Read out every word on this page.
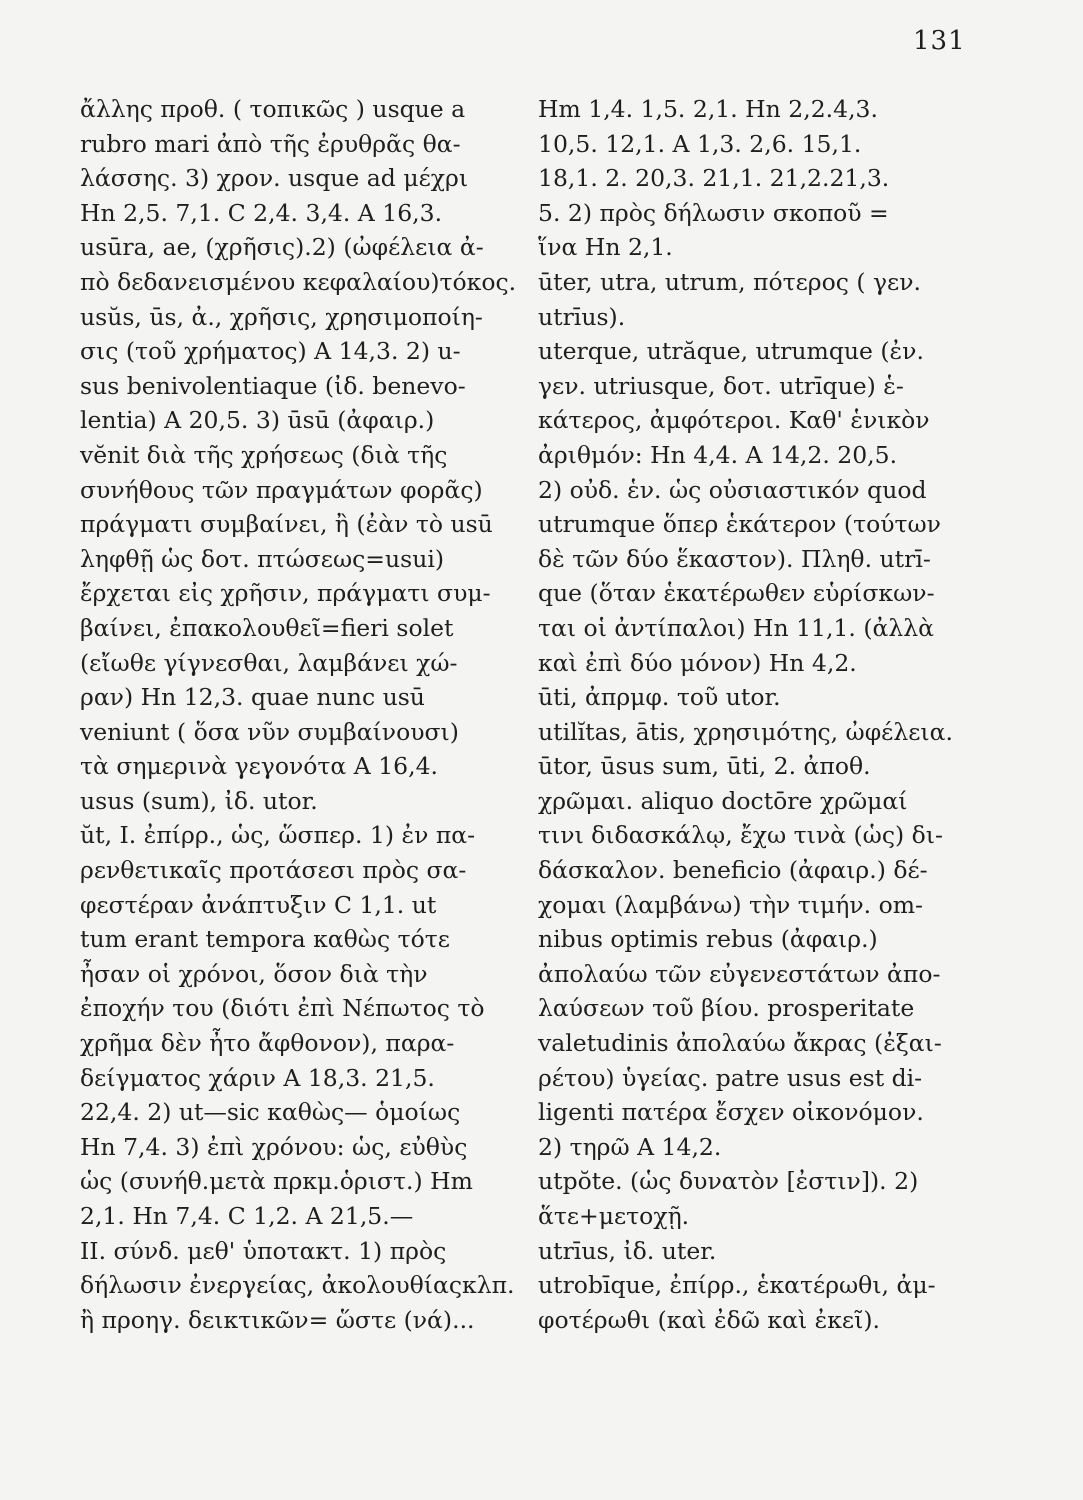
131
ἄλλης προθ. ( τοπικῶς ) usque a
rubro mari ἀπὸ τῆς ἐρυθρᾶς θα-
λάσσης. 3) χρον. usque ad μέχρι
Hn 2,5. 7,1. C 2,4. 3,4. A 16,3.
usūra, ae, (χρῆσις).2) (ὠφέλεια ἀ-
πὸ δεδανεισμένου κεφαλαίου)τόκος.
usŭs, ūs, ἀ., χρῆσις, χρησιμοποίη-
σις (τοῦ χρήματος) A 14,3. 2) u-
sus benivolentiaque (ἰδ. benevo-
lentia) A 20,5. 3) ūsū (ἀφαιρ.)
vĕnit διὰ τῆς χρήσεως (διὰ τῆς
συνήθους τῶν πραγμάτων φορᾶς)
πράγματι συμβαίνει, ἢ (ἐὰν τὸ usū
ληφθῇ ὡς δοτ. πτώσεως=usui)
ἔρχεται εἰς χρῆσιν, πράγματι συμ-
βαίνει, ἐπακολουθεῖ=fieri solet
(εἴωθε γίγνεσθαι, λαμβάνει χώ-
ραν) Hn 12,3. quae nunc usū
veniunt ( ὅσα νῦν συμβαίνουσι)
τὰ σημερινὰ γεγονότα A 16,4.
usus (sum), ἰδ. utor.
ŭt, I. ἐπίρρ., ὡς, ὥσπερ. 1) ἐν πα-
ρενθετικαῖς προτάσεσι πρὸς σα-
φεστέραν ἀνάπτυξιν C 1,1. ut
tum erant tempora καθὼς τότε
ἦσαν οἱ χρόνοι, ὅσον διὰ τὴν
ἐποχήν του (διότι ἐπὶ Νέπωτος τὸ
χρῆμα δὲν ἦτο ἄφθονον), παρα-
δείγματος χάριν A 18,3. 21,5.
22,4. 2) ut—sic καθὼς— ὁμοίως
Hn 7,4. 3) ἐπὶ χρόνου: ὡς, εὐθὺς
ὡς (συνήθ.μετὰ πρκμ.ὁριστ.) Hm
2,1. Hn 7,4. C 1,2. A 21,5.—
II. σύνδ. μεθ' ὑποτακτ. 1) πρὸς
δήλωσιν ἐνεργείας, ἀκολουθίαςκλπ.
ἢ προηγ. δεικτικῶν= ὥστε (νά)...
Hm 1,4. 1,5. 2,1. Hn 2,2.4,3.
10,5. 12,1. A 1,3. 2,6. 15,1.
18,1. 2. 20,3. 21,1. 21,2.21,3.
5. 2) πρὸς δήλωσιν σκοποῦ =
ἵνα Hn 2,1.
ūter, utra, utrum, πότερος ( γεν.
utrīus).
uterque, utrăque, utrumque (ἐν.
γεν. utriusque, δοτ. utrīque) ἑ-
κάτερος, ἀμφότεροι. Καθ' ἑνικὸν
ἀριθμόν: Hn 4,4. A 14,2. 20,5.
2) οὐδ. ἑν. ὡς οὐσιαστικόν quod
utrumque ὅπερ ἑκάτερον (τούτων
δὲ τῶν δύο ἕκαστον). Πληθ. utrī-
que (ὅταν ἑκατέρωθεν εὑρίσκων-
ται οἱ ἀντίπαλοι) Hn 11,1. (ἀλλὰ
καὶ ἐπὶ δύο μόνον) Hn 4,2.
ūti, ἀπρμφ. τοῦ utor.
utilĭtas, ātis, χρησιμότης, ὠφέλεια.
ūtor, ūsus sum, ūti, 2. ἀποθ.
χρῶμαι. aliquo doctōre χρῶμαί
τινι διδασκάλῳ, ἔχω τινὰ (ὡς) δι-
δάσκαλον. beneficio (ἀφαιρ.) δέ-
χομαι (λαμβάνω) τὴν τιμήν. om-
nibus optimis rebus (ἀφαιρ.)
ἀπολαύω τῶν εὐγενεστάτων ἀπο-
λαύσεων τοῦ βίου. prosperitate
valetudinis ἀπολαύω ἄκρας (ἐξαι-
ρέτου) ὑγείας. patre usus est di-
ligenti πατέρα ἔσχεν οἰκονόμον.
2) τηρῶ A 14,2.
utpŏte. (ὡς δυνατὸν [ἐστιν]). 2)
ἅτε+μετοχῇ.
utrīus, ἰδ. uter.
utrobīque, ἐπίρρ., ἑκατέρωθι, ἀμ-
φοτέρωθι (καὶ ἐδῶ καὶ ἐκεῖ).
